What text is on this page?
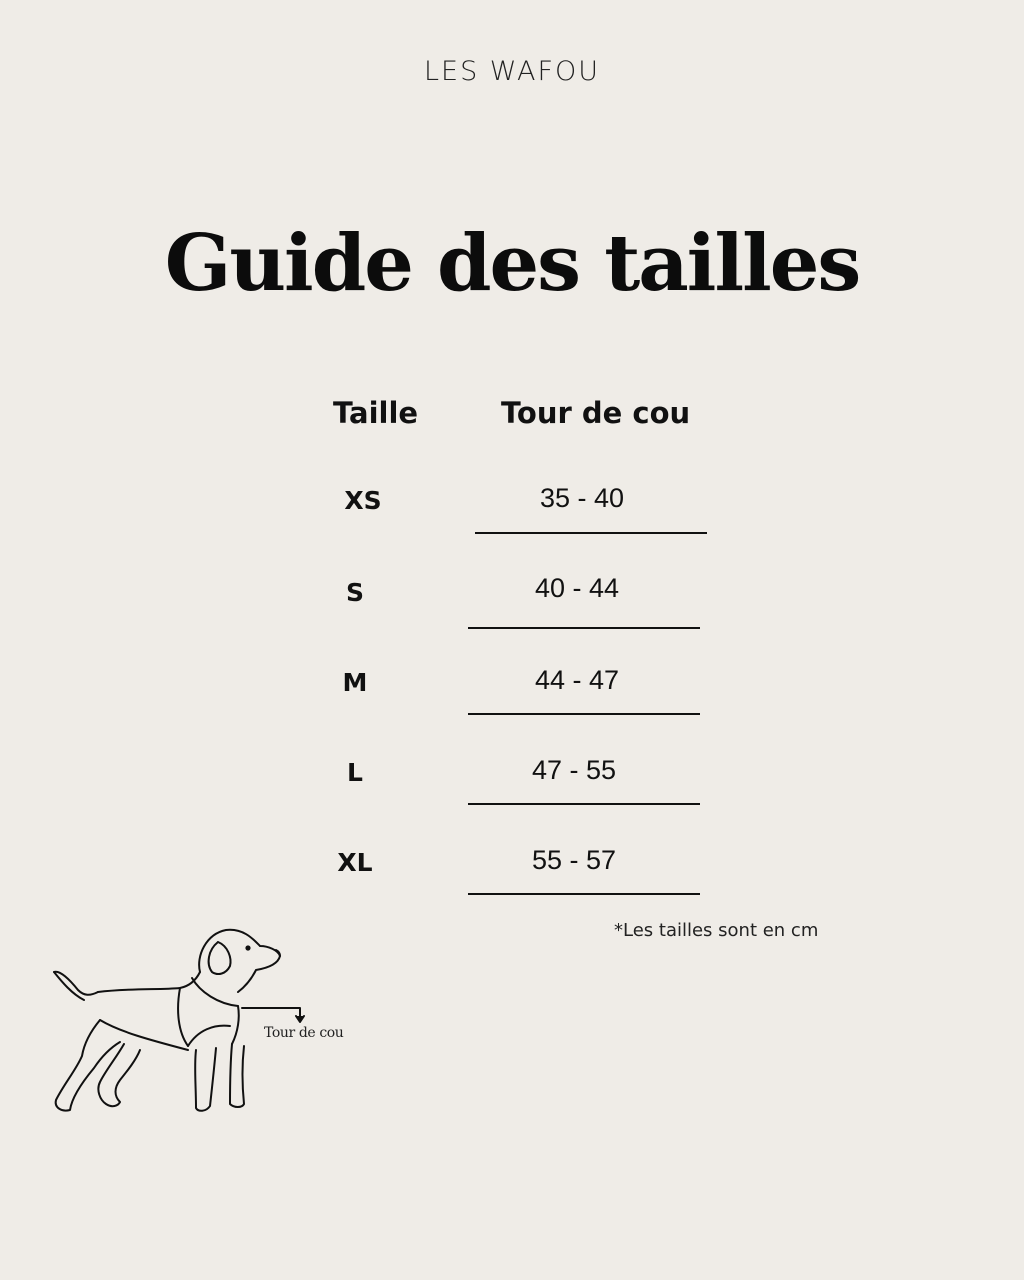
LES WAFOU
Guide des tailles
Taille	Tour de cou
XS	35 - 40
S	40 - 44
M	44 - 47
L	47 - 55
XL	55 - 57
*Les tailles sont en cm
Tour de cou
